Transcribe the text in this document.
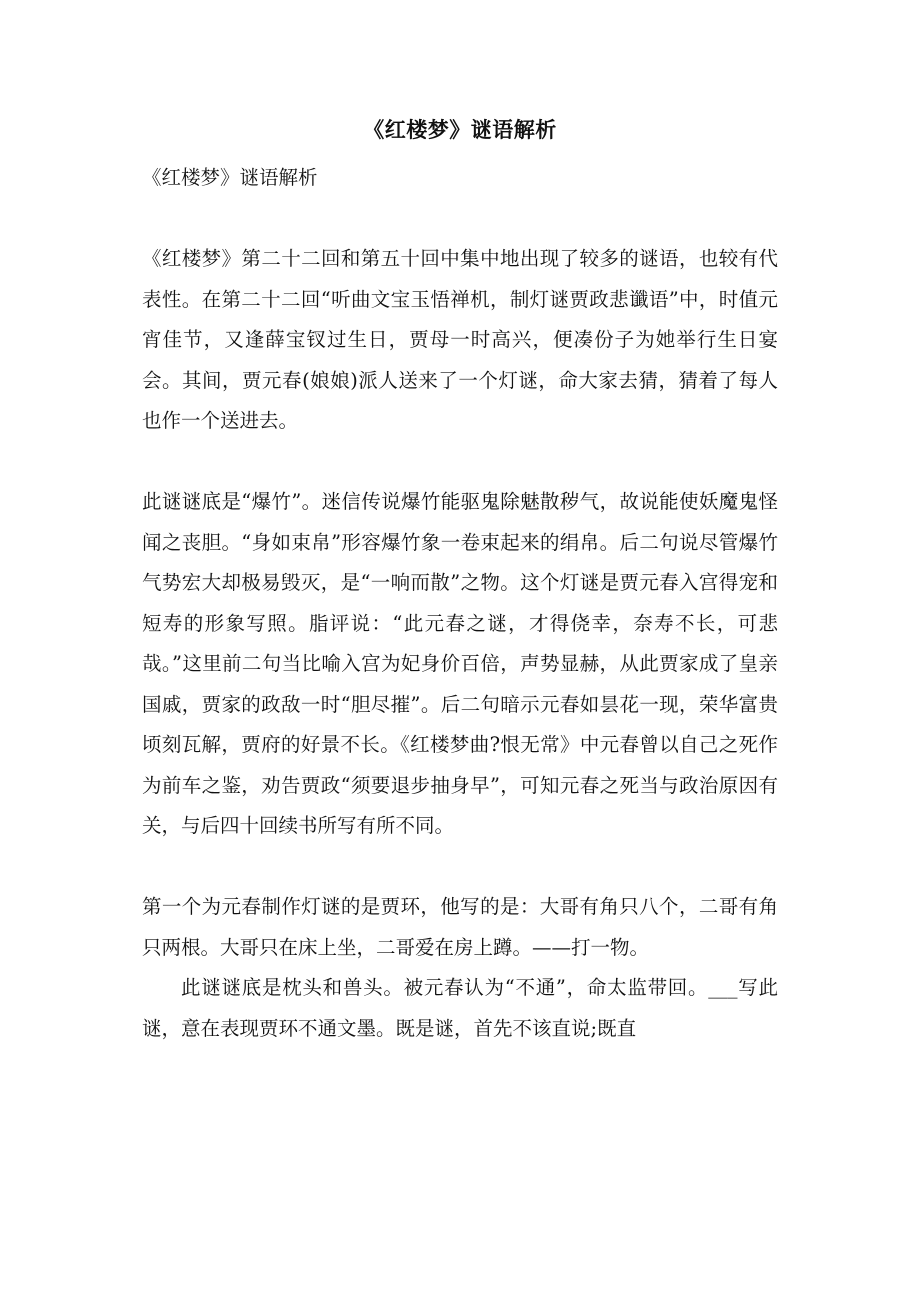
《红楼梦》谜语解析

《红楼梦》谜语解析

《红楼梦》第二十二回和第五十回中集中地出现了较多的谜语，也较有代表性。在第二十二回“听曲文宝玉悟禅机，制灯谜贾政悲谶语”中，时值元宵佳节，又逢薛宝钗过生日，贾母一时高兴，便凑份子为她举行生日宴会。其间，贾元春(娘娘)派人送来了一个灯谜，命大家去猜，猜着了每人也作一个送进去。

此谜谜底是“爆竹”。迷信传说爆竹能驱鬼除魅散秽气，故说能使妖魔鬼怪闻之丧胆。“身如束帛”形容爆竹象一卷束起来的绢帛。后二句说尽管爆竹气势宏大却极易毁灭，是“一响而散”之物。这个灯谜是贾元春入宫得宠和短寿的形象写照。脂评说：“此元春之谜，才得侥幸，奈寿不长，可悲哉。”这里前二句当比喻入宫为妃身价百倍，声势显赫，从此贾家成了皇亲国戚，贾家的政敌一时“胆尽摧”。后二句暗示元春如昙花一现，荣华富贵顷刻瓦解，贾府的好景不长。《红楼梦曲?恨无常》中元春曾以自己之死作为前车之鉴，劝告贾政“须要退步抽身早”，可知元春之死当与政治原因有关，与后四十回续书所写有所不同。

第一个为元春制作灯谜的是贾环，他写的是：大哥有角只八个，二哥有角只两根。大哥只在床上坐，二哥爱在房上蹲。——打一物。

此谜谜底是枕头和兽头。被元春认为“不通”，命太监带回。___写此谜，意在表现贾环不通文墨。既是谜，首先不该直说;既直
